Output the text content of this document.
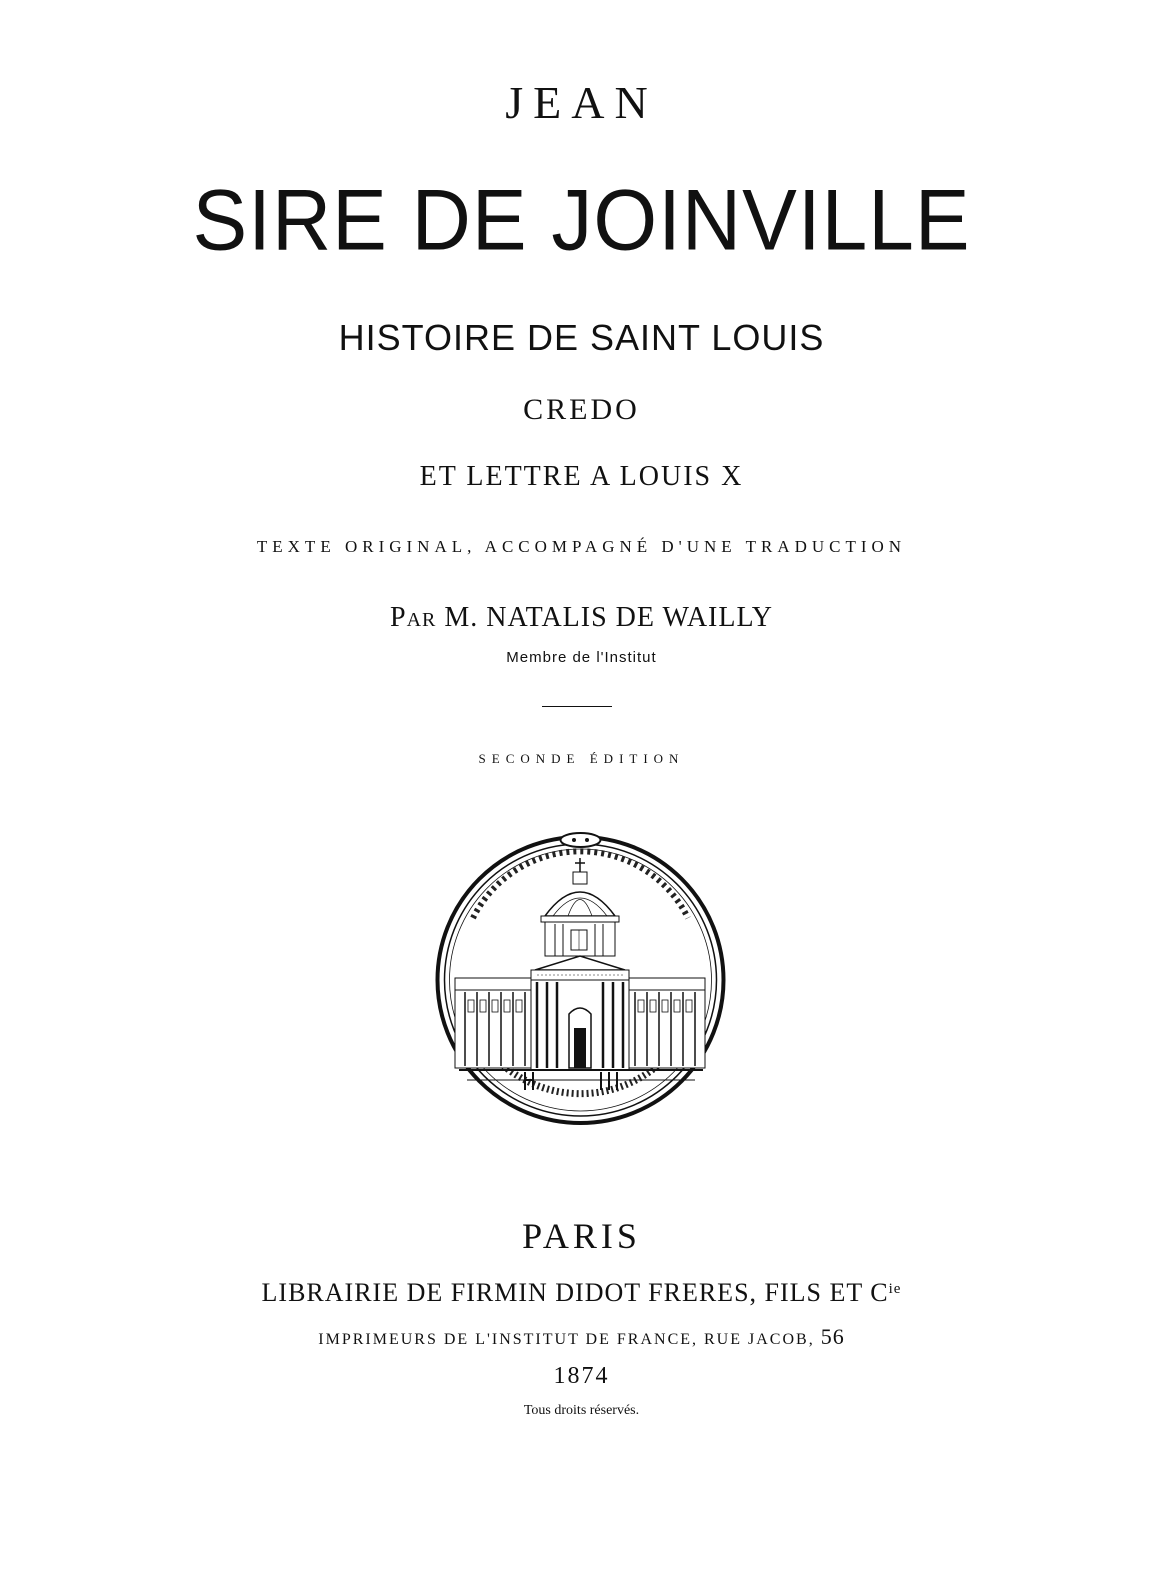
JEAN
SIRE DE JOINVILLE
HISTOIRE DE SAINT LOUIS
CREDO
ET LETTRE A LOUIS X
TEXTE ORIGINAL, ACCOMPAGNÉ D'UNE TRADUCTION
PAR M. NATALIS DE WAILLY
Membre de l'Institut
SECONDE ÉDITION
PARIS
LIBRAIRIE DE FIRMIN DIDOT FRERES, FILS ET $C^{ie}$
IMPRIMEURS DE L'INSTITUT DE FRANCE, RUE JACOB, 56
1874
Tous droits réservés.
